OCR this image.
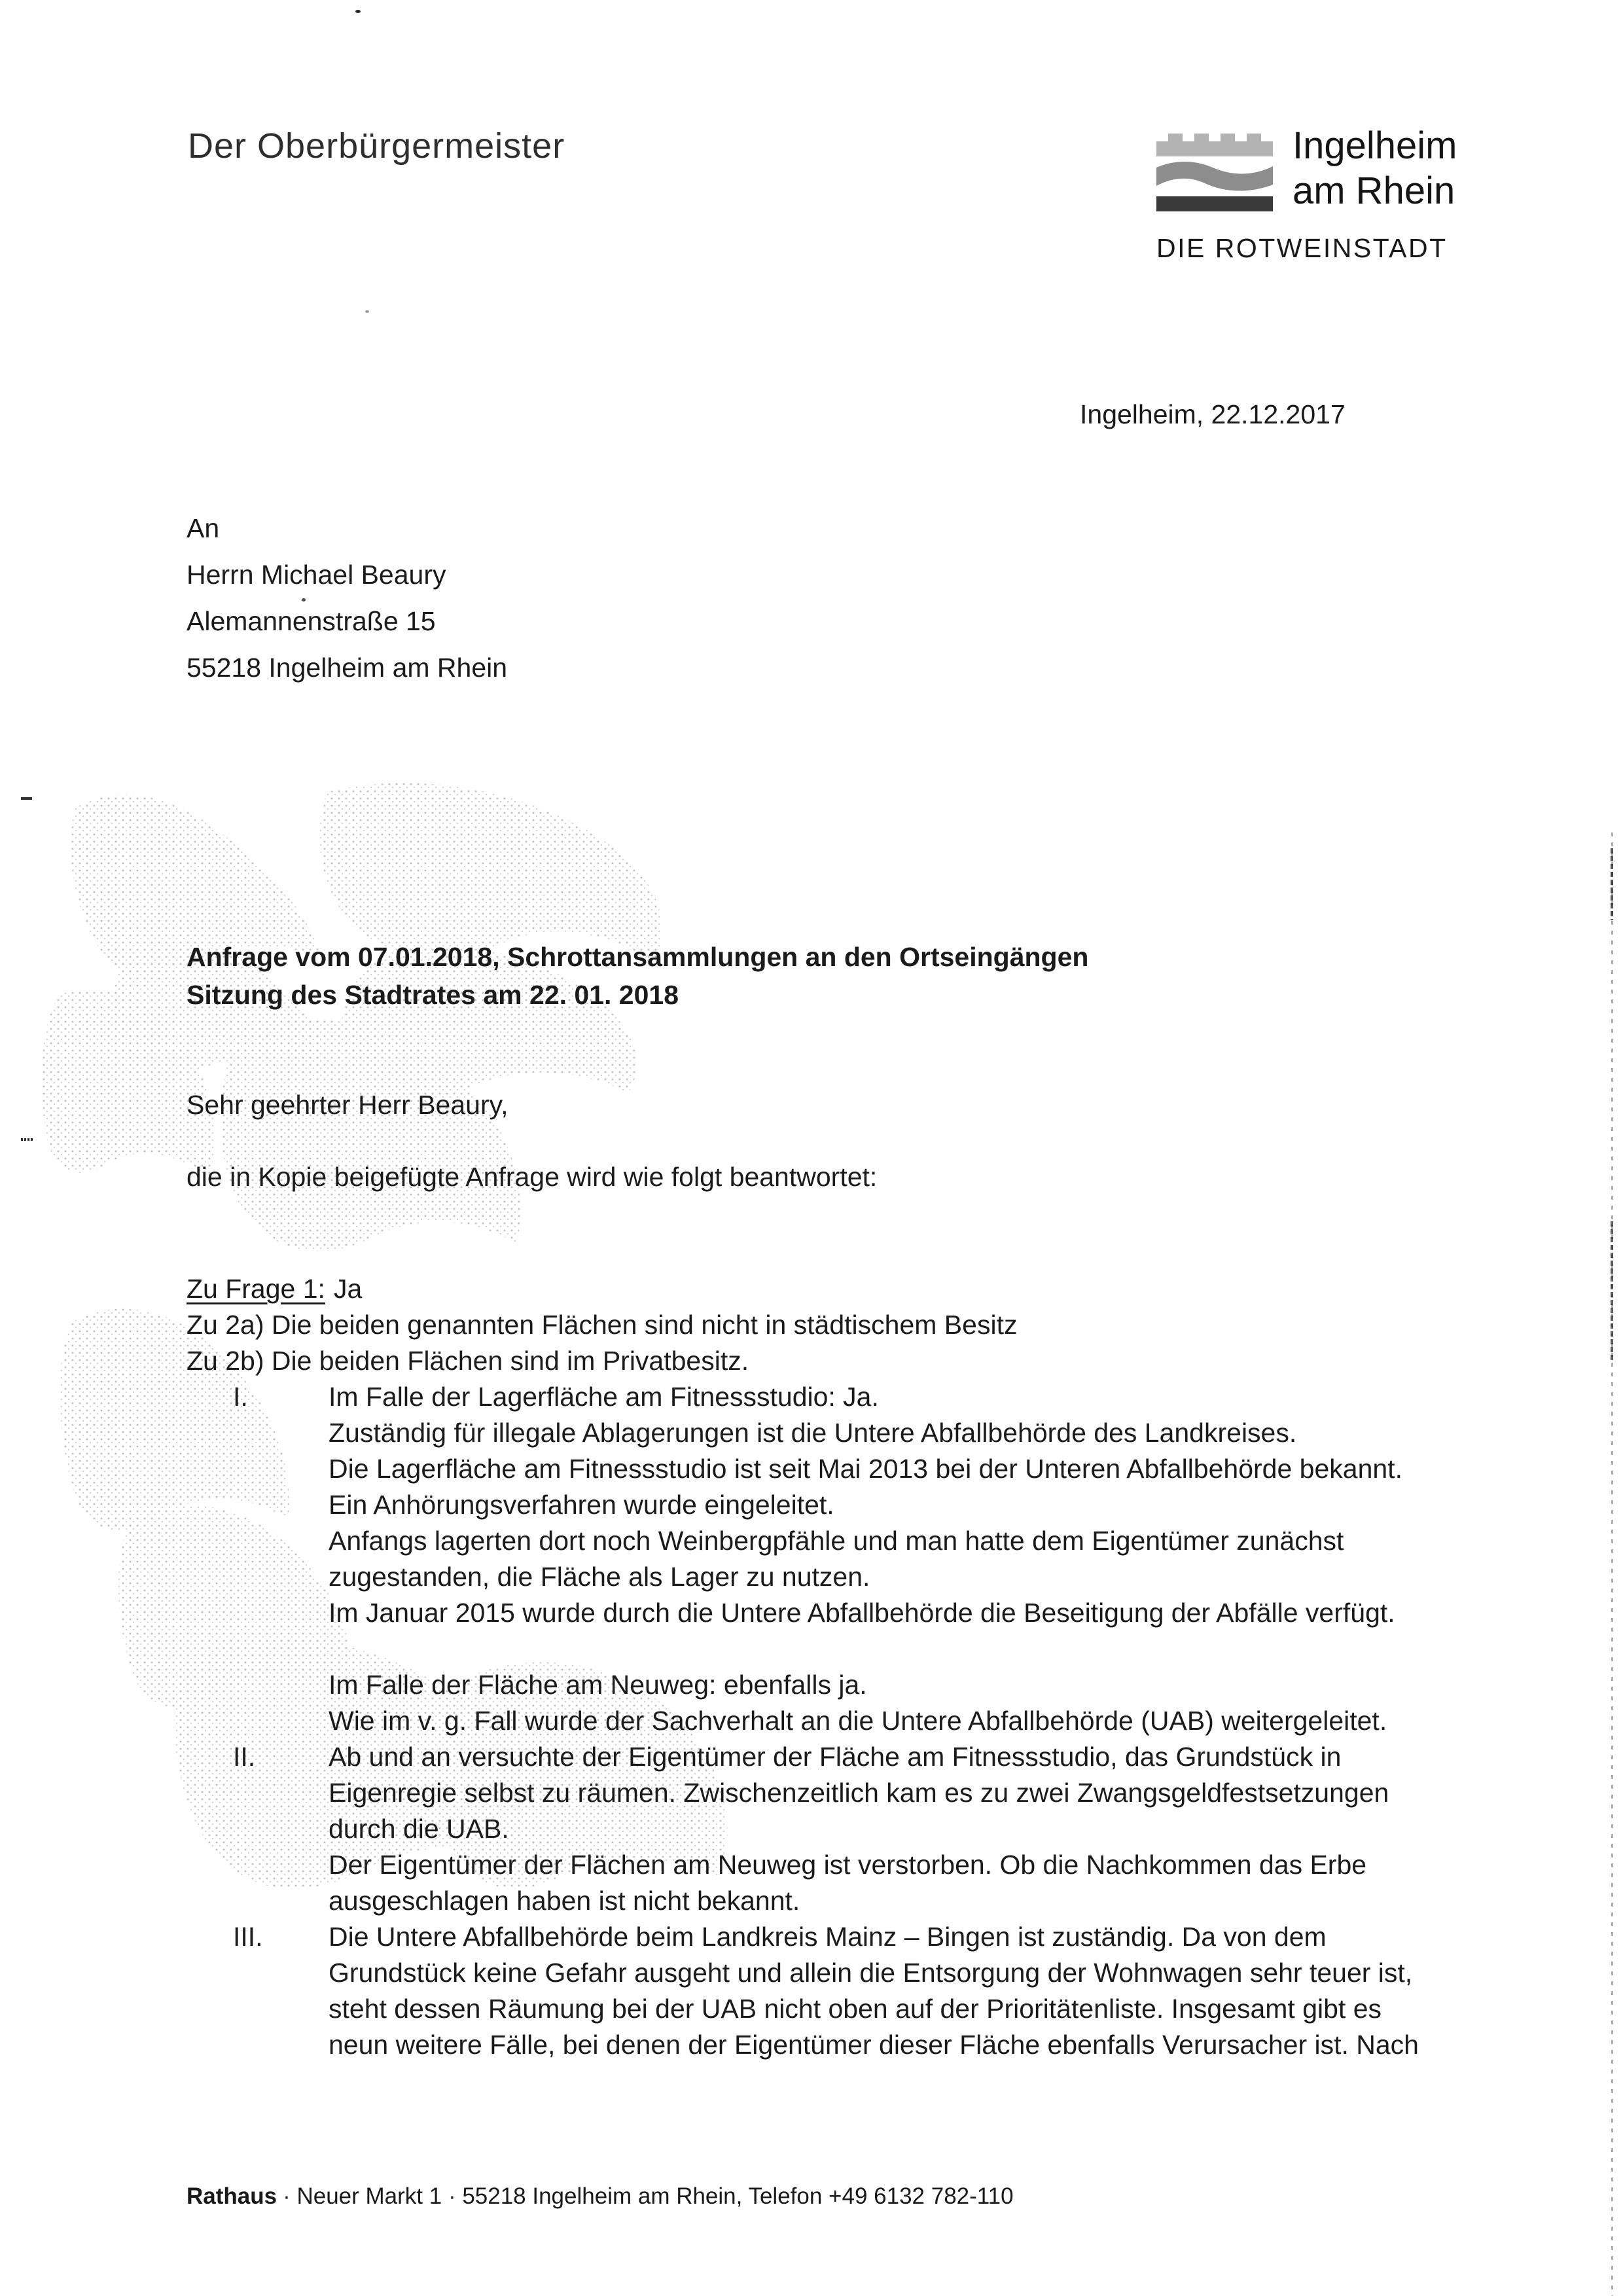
Der Oberbürgermeister	Ingelheim
am Rhein
DIE ROTWEINSTADT
Ingelheim, 22.12.2017
An
Herrn Michael Beaury
Alemannenstraße 15
55218 Ingelheim am Rhein
Anfrage vom 07.01.2018, Schrottansammlungen an den Ortseingängen
Sitzung des Stadtrates am 22. 01. 2018
Sehr geehrter Herr Beaury,
die in Kopie beigefügte Anfrage wird wie folgt beantwortet:
Zu Frage 1: Ja
Zu 2a) Die beiden genannten Flächen sind nicht in städtischem Besitz
Zu 2b) Die beiden Flächen sind im Privatbesitz.
I.	Im Falle der Lagerfläche am Fitnessstudio: Ja.
Zuständig für illegale Ablagerungen ist die Untere Abfallbehörde des Landkreises.
Die Lagerfläche am Fitnessstudio ist seit Mai 2013 bei der Unteren Abfallbehörde bekannt.
Ein Anhörungsverfahren wurde eingeleitet.
Anfangs lagerten dort noch Weinbergpfähle und man hatte dem Eigentümer zunächst
zugestanden, die Fläche als Lager zu nutzen.
Im Januar 2015 wurde durch die Untere Abfallbehörde die Beseitigung der Abfälle verfügt.
Im Falle der Fläche am Neuweg: ebenfalls ja.
Wie im v. g. Fall wurde der Sachverhalt an die Untere Abfallbehörde (UAB) weitergeleitet.
II.	Ab und an versuchte der Eigentümer der Fläche am Fitnessstudio, das Grundstück in
Eigenregie selbst zu räumen. Zwischenzeitlich kam es zu zwei Zwangsgeldfestsetzungen
durch die UAB.
Der Eigentümer der Flächen am Neuweg ist verstorben. Ob die Nachkommen das Erbe
ausgeschlagen haben ist nicht bekannt.
III. Die Untere Abfallbehörde beim Landkreis Mainz – Bingen ist zuständig. Da von dem
Grundstück keine Gefahr ausgeht und allein die Entsorgung der Wohnwagen sehr teuer ist,
steht dessen Räumung bei der UAB nicht oben auf der Prioritätenliste. Insgesamt gibt es
neun weitere Fälle, bei denen der Eigentümer dieser Fläche ebenfalls Verursacher ist. Nach
Rathaus · Neuer Markt 1 · 55218 Ingelheim am Rhein, Telefon +49 6132 782-110
